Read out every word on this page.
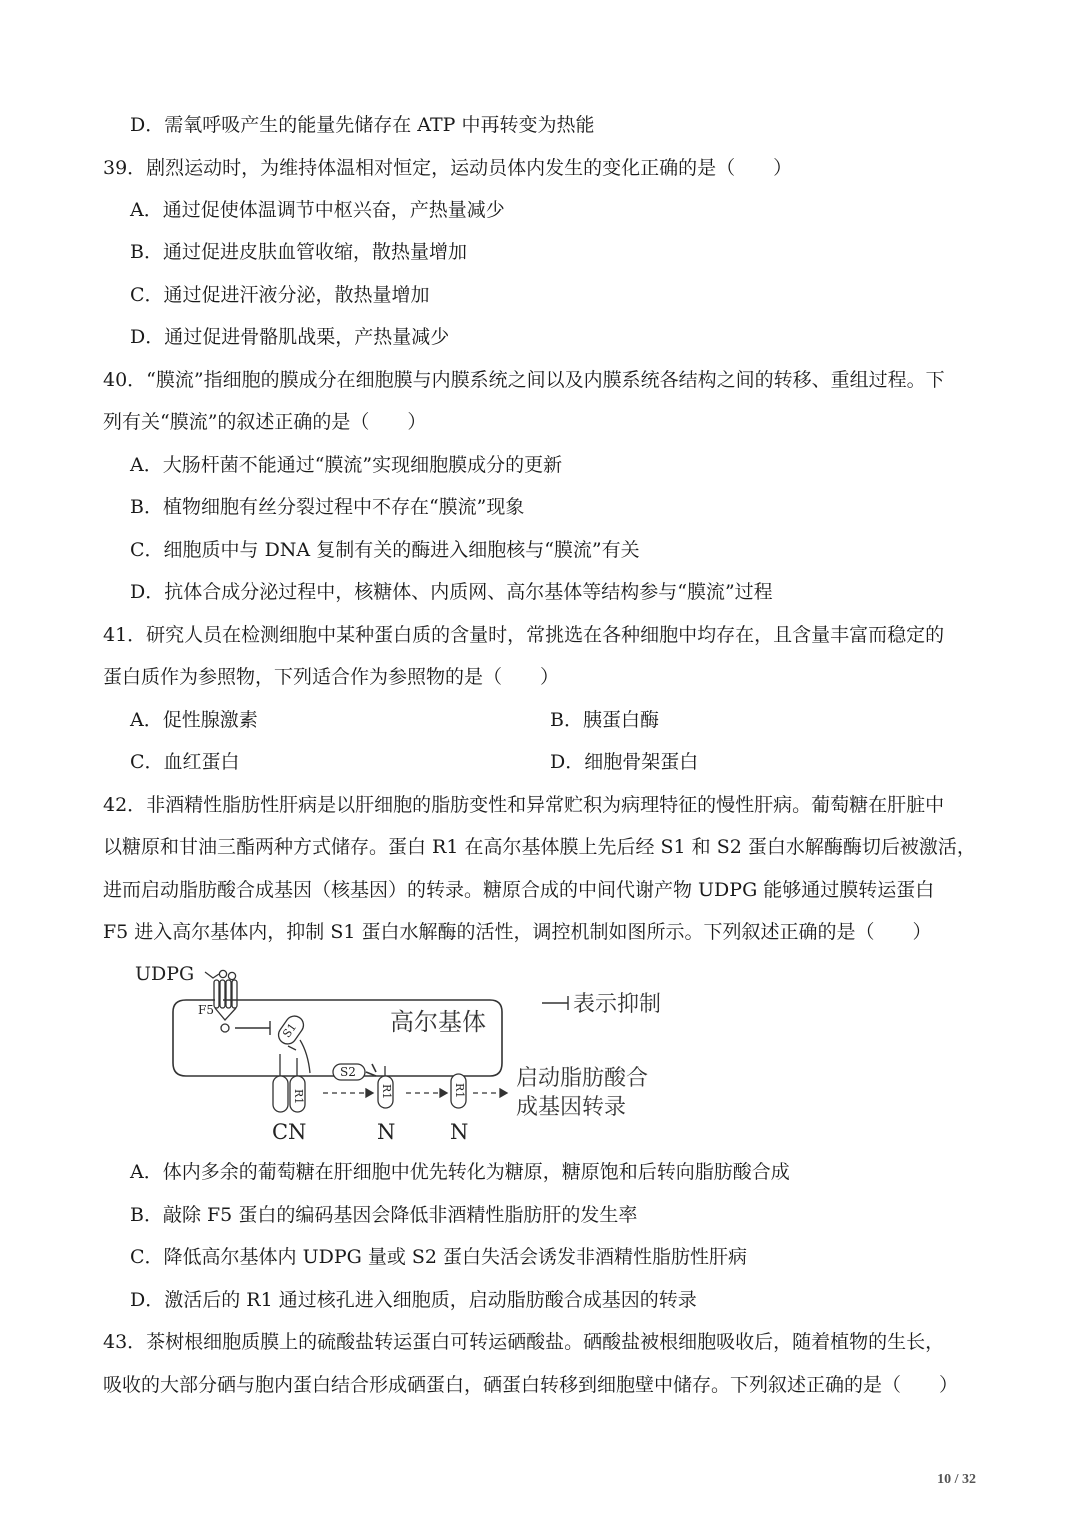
D．需氧呼吸产生的能量先储存在 ATP 中再转变为热能
39．剧烈运动时，为维持体温相对恒定，运动员体内发生的变化正确的是（　　）
A．通过促使体温调节中枢兴奋，产热量减少
B．通过促进皮肤血管收缩，散热量增加
C．通过促进汗液分泌，散热量增加
D．通过促进骨骼肌战栗，产热量减少
40．“膜流”指细胞的膜成分在细胞膜与内膜系统之间以及内膜系统各结构之间的转移、重组过程。下
列有关“膜流”的叙述正确的是（　　）
A．大肠杆菌不能通过“膜流”实现细胞膜成分的更新
B．植物细胞有丝分裂过程中不存在“膜流”现象
C．细胞质中与 DNA 复制有关的酶进入细胞核与“膜流”有关
D．抗体合成分泌过程中，核糖体、内质网、高尔基体等结构参与“膜流”过程
41．研究人员在检测细胞中某种蛋白质的含量时，常挑选在各种细胞中均存在，且含量丰富而稳定的
蛋白质作为参照物，下列适合作为参照物的是（　　）
A．促性腺激素	B．胰蛋白酶
C．血红蛋白	D．细胞骨架蛋白
42．非酒精性脂肪性肝病是以肝细胞的脂肪变性和异常贮积为病理特征的慢性肝病。葡萄糖在肝脏中
以糖原和甘油三酯两种方式储存。蛋白 R1 在高尔基体膜上先后经 S1 和 S2 蛋白水解酶酶切后被激活，
进而启动脂肪酸合成基因（核基因）的转录。糖原合成的中间代谢产物 UDPG 能够通过膜转运蛋白
F5 进入高尔基体内，抑制 S1 蛋白水解酶的活性，调控机制如图所示。下列叙述正确的是（　　）
高尔基体
UDPG
F5
S1
R1
C N
S2
R1
N
R1
N
启动脂肪酸合
成基因转录
表示抑制
A．体内多余的葡萄糖在肝细胞中优先转化为糖原，糖原饱和后转向脂肪酸合成
B．敲除 F5 蛋白的编码基因会降低非酒精性脂肪肝的发生率
C．降低高尔基体内 UDPG 量或 S2 蛋白失活会诱发非酒精性脂肪性肝病
D．激活后的 R1 通过核孔进入细胞质，启动脂肪酸合成基因的转录
43．茶树根细胞质膜上的硫酸盐转运蛋白可转运硒酸盐。硒酸盐被根细胞吸收后，随着植物的生长，
吸收的大部分硒与胞内蛋白结合形成硒蛋白，硒蛋白转移到细胞壁中储存。下列叙述正确的是（　　）
10 / 32
